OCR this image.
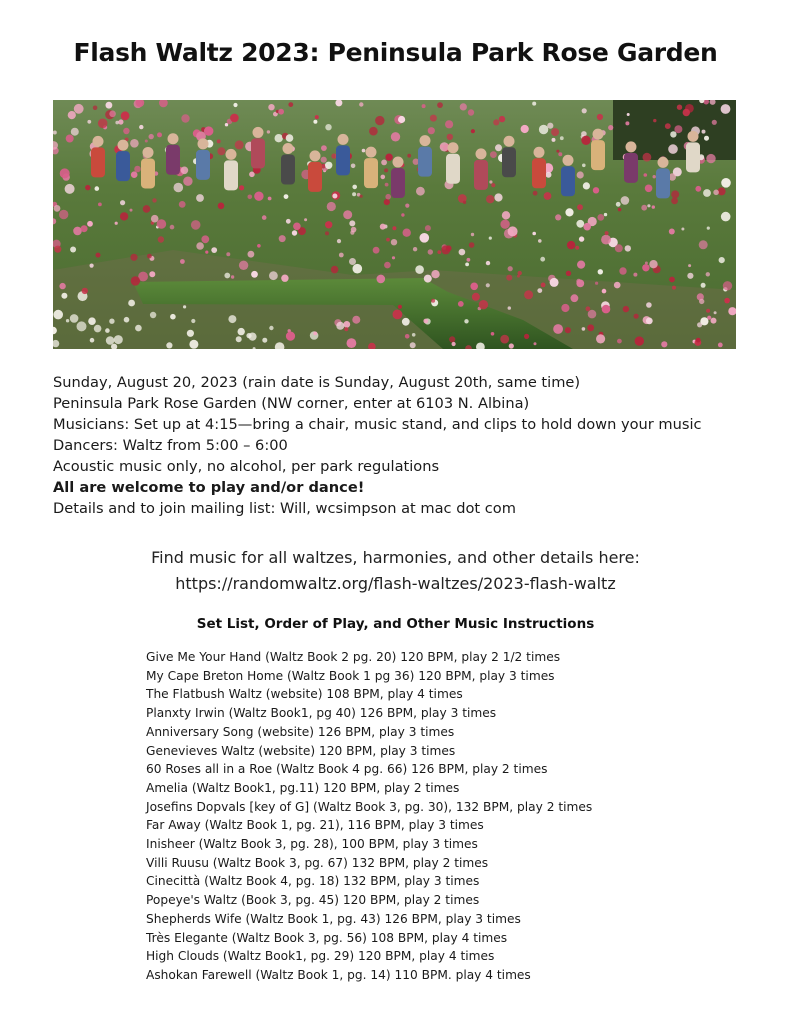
Flash Waltz 2023: Peninsula Park Rose Garden
Sunday, August 20, 2023 (rain date is Sunday, August 20th, same time)
Peninsula Park Rose Garden (NW corner, enter at 6103 N. Albina)
Musicians: Set up at 4:15—bring a chair, music stand, and clips to hold down your music
Dancers: Waltz from 5:00 – 6:00
Acoustic music only, no alcohol, per park regulations
All are welcome to play and/or dance!
Details and to join mailing list: Will, wcsimpson at mac dot com
Find music for all waltzes, harmonies, and other details here:
https://randomwaltz.org/flash-waltzes/2023-flash-waltz
Set List, Order of Play, and Other Music Instructions
Give Me Your Hand (Waltz Book 2 pg. 20) 120 BPM, play 2 1/2 times
My Cape Breton Home (Waltz Book 1 pg 36) 120 BPM, play 3 times
The Flatbush Waltz (website) 108 BPM, play 4 times
Planxty Irwin (Waltz Book1, pg 40) 126 BPM, play 3 times
Anniversary Song (website) 126 BPM, play 3 times
Genevieves Waltz (website) 120 BPM, play 3 times
60 Roses all in a Roe (Waltz Book 4 pg. 66) 126 BPM, play 2 times
Amelia (Waltz Book1, pg.11) 120 BPM, play 2 times
Josefins Dopvals [key of G] (Waltz Book 3, pg. 30), 132 BPM, play 2 times
Far Away (Waltz Book 1, pg. 21), 116 BPM, play 3 times
Inisheer (Waltz Book 3, pg. 28), 100 BPM, play 3 times
Villi Ruusu (Waltz Book 3, pg. 67) 132 BPM, play 2 times
Cinecittà (Waltz Book 4, pg. 18) 132 BPM, play 3 times
Popeye's Waltz (Book 3, pg. 45) 120 BPM, play 2 times
Shepherds Wife (Waltz Book 1, pg. 43) 126 BPM, play 3 times
Très Elegante (Waltz Book 3, pg. 56) 108 BPM, play 4 times
High Clouds (Waltz Book1, pg. 29) 120 BPM, play 4 times
Ashokan Farewell (Waltz Book 1, pg. 14) 110 BPM. play 4 times
